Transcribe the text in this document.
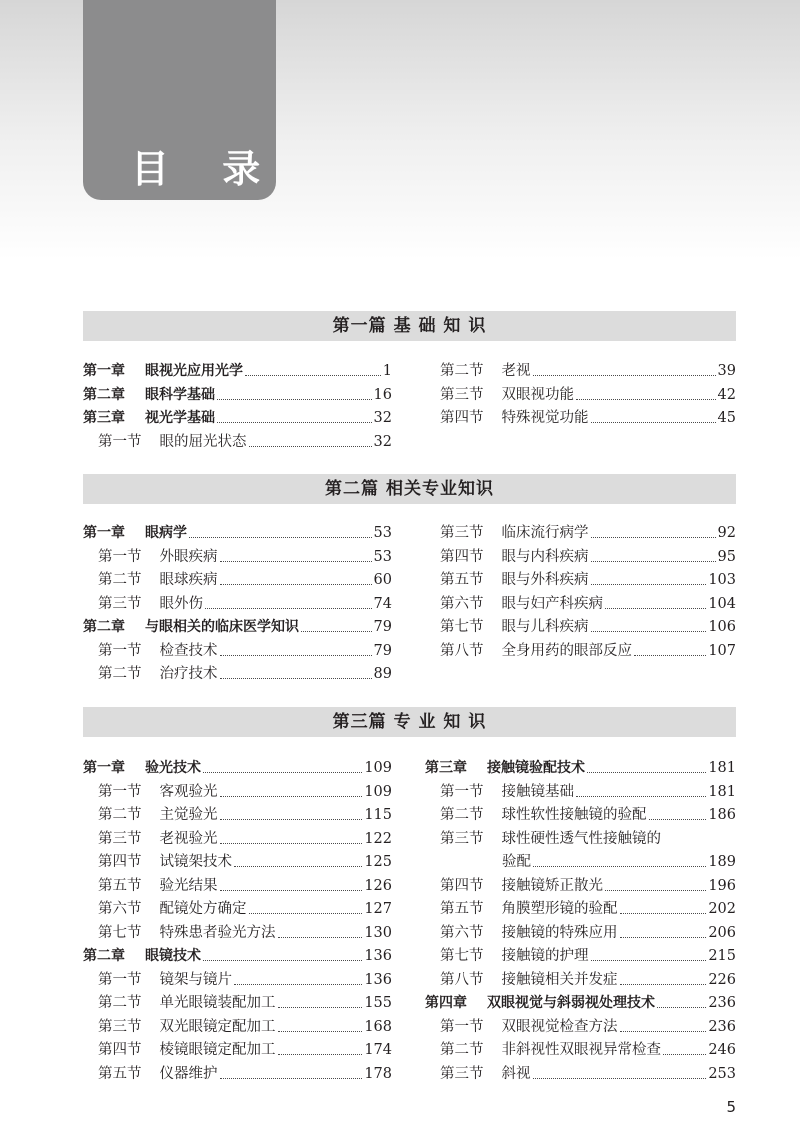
目 录
第一篇 基 础 知 识
第一章 眼视光应用光学	1
第二章 眼科学基础	16
第三章 视光学基础	32
第一节 眼的屈光状态	32
第二节 老视	39
第三节 双眼视功能	42
第四节 特殊视觉功能	45
第二篇 相关专业知识
第一章 眼病学	53
第一节 外眼疾病	53
第二节 眼球疾病	60
第三节 眼外伤	74
第二章 与眼相关的临床医学知识	79
第一节 检查技术	79
第二节 治疗技术	89
第三节 临床流行病学	92
第四节 眼与内科疾病	95
第五节 眼与外科疾病	103
第六节 眼与妇产科疾病	104
第七节 眼与儿科疾病	106
第八节 全身用药的眼部反应	107
第三篇 专 业 知 识
第一章 验光技术	109
第一节 客观验光	109
第二节 主觉验光	115
第三节 老视验光	122
第四节 试镜架技术	125
第五节 验光结果	126
第六节 配镜处方确定	127
第七节 特殊患者验光方法	130
第二章 眼镜技术	136
第一节 镜架与镜片	136
第二节 单光眼镜装配加工	155
第三节 双光眼镜定配加工	168
第四节 棱镜眼镜定配加工	174
第五节 仪器维护	178
第三章 接触镜验配技术	181
第一节 接触镜基础	181
第二节 球性软性接触镜的验配	186
第三节 球性硬性透气性接触镜的
验配	189
第四节 接触镜矫正散光	196
第五节 角膜塑形镜的验配	202
第六节 接触镜的特殊应用	206
第七节 接触镜的护理	215
第八节 接触镜相关并发症	226
第四章 双眼视觉与斜弱视处理技术	236
第一节 双眼视觉检查方法	236
第二节 非斜视性双眼视异常检查	246
第三节 斜视	253
5
